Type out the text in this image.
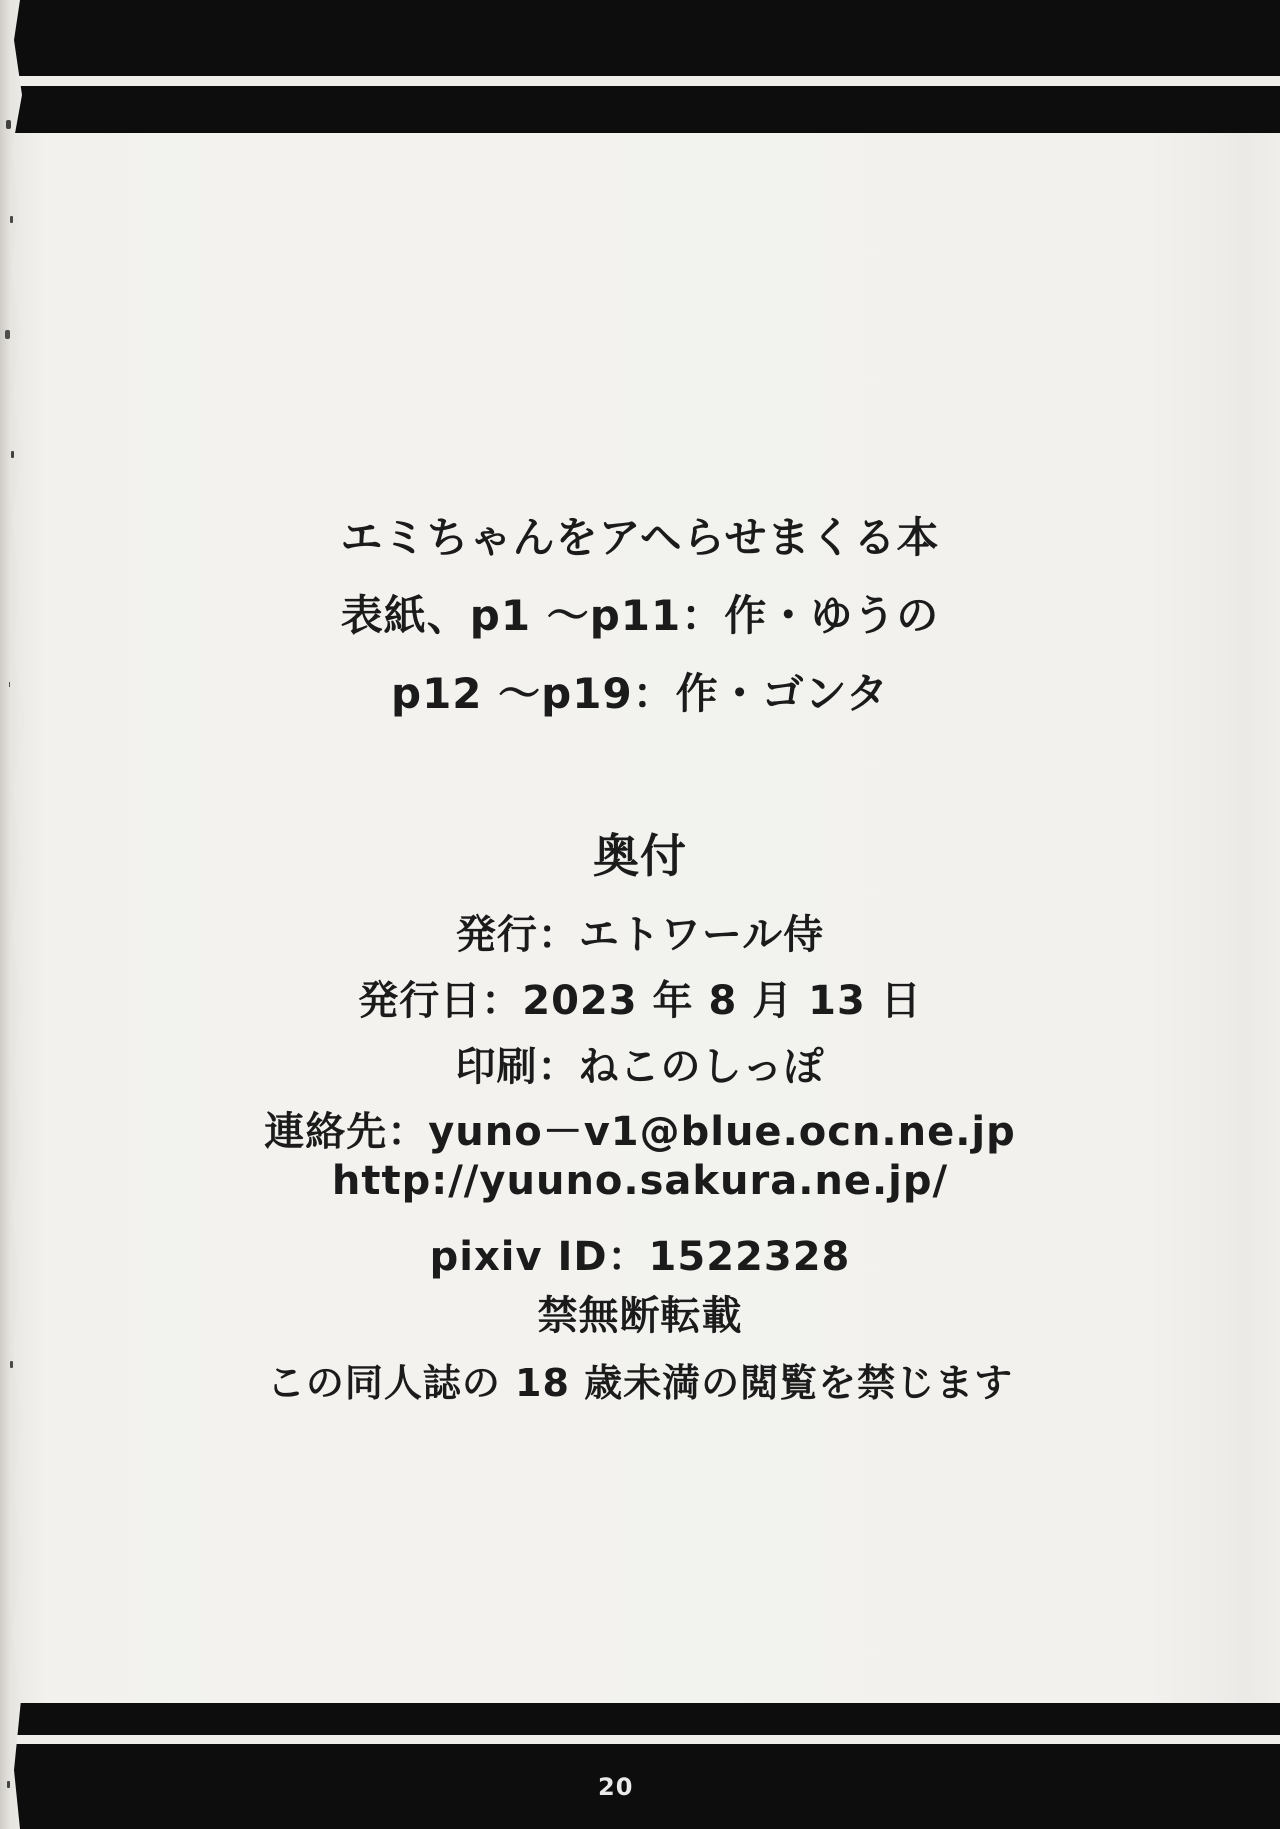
エミちゃんをアヘらせまくる本
表紙、p1 ～p11：作・ゆうの
p12 ～p19：作・ゴンタ
奥付
発行：エトワール侍
発行日：2023 年 8 月 13 日
印刷：ねこのしっぽ
連絡先：yuno－v1@blue.ocn.ne.jp
http://yuuno.sakura.ne.jp/
pixiv ID：1522328
禁無断転載
この同人誌の 18 歳未満の閲覧を禁じます
20
